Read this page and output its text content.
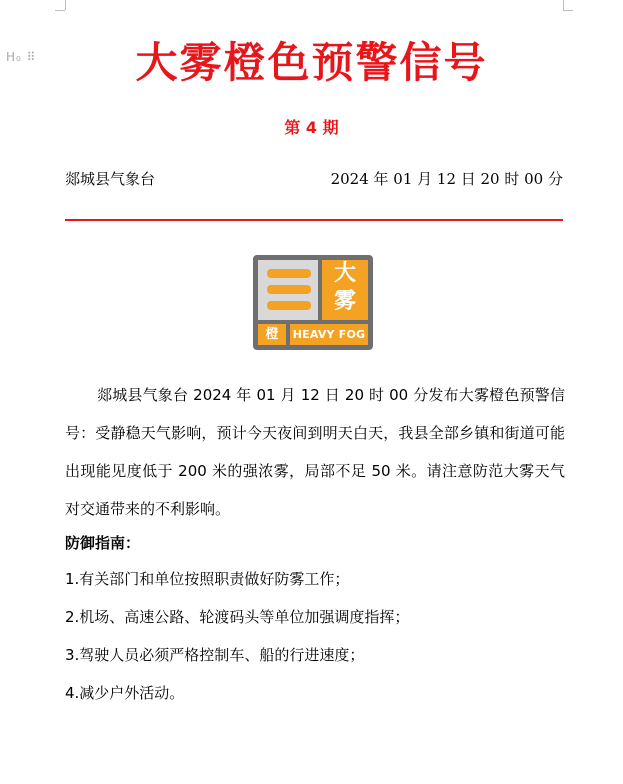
H₀ ⠿	大雾橙色预警信号
第 4 期
郯城县气象台	2024 年 01 月 12 日 20 时 00 分
大
雾
橙	HEAVY FOG
郯城县气象台 2024 年 01 月 12 日 20 时 00 分发布大雾橙色预警信号：受静稳天气影响，预计今天夜间到明天白天，我县全部乡镇和街道可能出现能见度低于 200 米的强浓雾，局部不足 50 米。请注意防范大雾天气对交通带来的不利影响。
防御指南：
1.有关部门和单位按照职责做好防雾工作；
2.机场、高速公路、轮渡码头等单位加强调度指挥；
3.驾驶人员必须严格控制车、船的行进速度；
4.减少户外活动。
